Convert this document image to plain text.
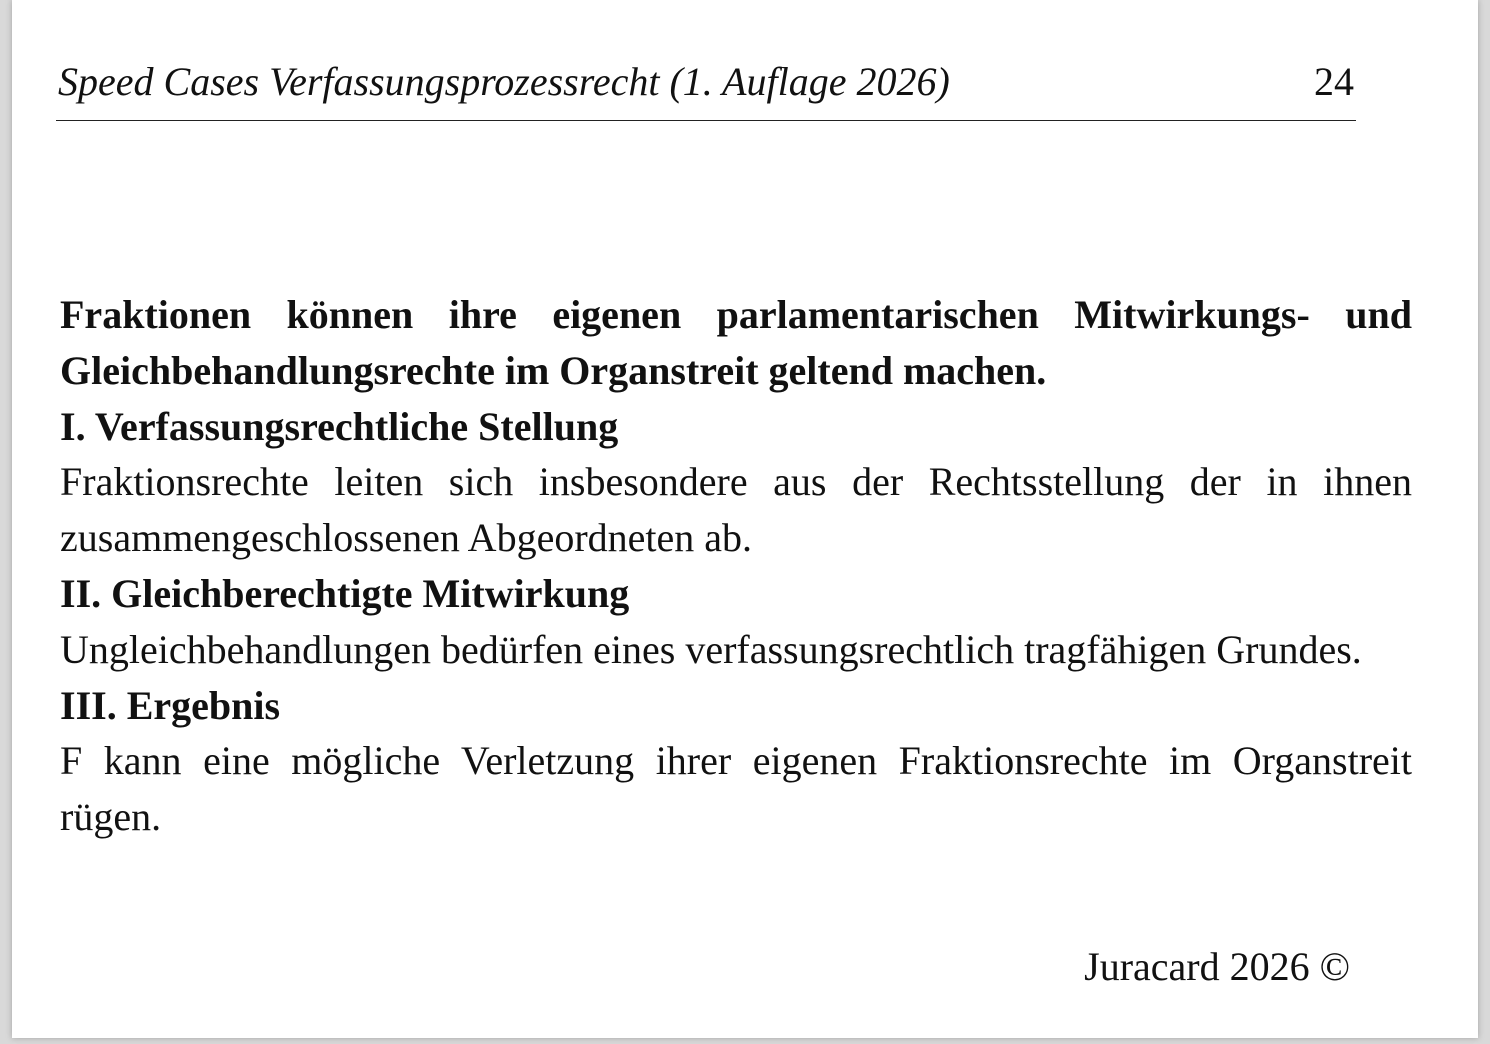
Speed Cases Verfassungsprozessrecht (1. Auflage 2026)	24

Fraktionen können ihre eigenen parlamentarischen Mitwirkungs- und Gleichbehandlungsrechte im Organstreit geltend machen.

I. Verfassungsrechtliche Stellung

Fraktionsrechte leiten sich insbesondere aus der Rechtsstellung der in ihnen zusammengeschlossenen Abgeordneten ab.

II. Gleichberechtigte Mitwirkung

Ungleichbehandlungen bedürfen eines verfassungsrechtlich tragfähigen Grundes.

III. Ergebnis

F kann eine mögliche Verletzung ihrer eigenen Fraktionsrechte im Organstreit rügen.

Juracard 2026 ©
